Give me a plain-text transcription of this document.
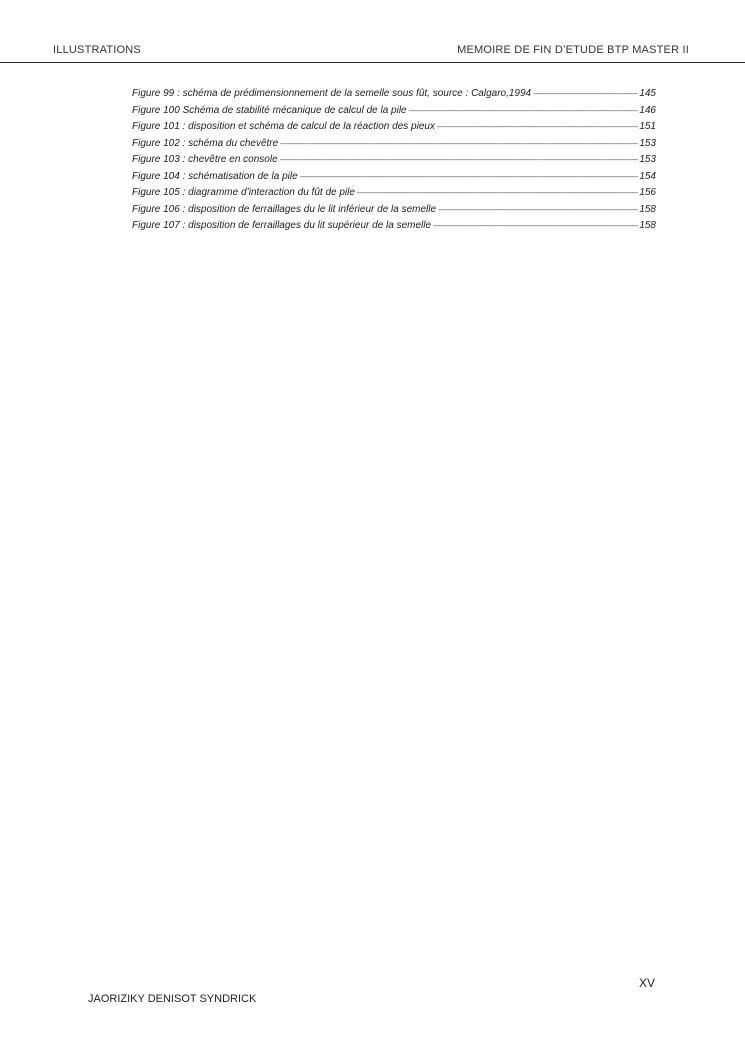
ILLUSTRATIONS	MEMOIRE DE FIN D’ETUDE BTP MASTER II
Figure 99 : schéma de prédimensionnement de la semelle sous fût, source : Calgaro,1994 -----	145
Figure 100 Schéma de stabilité mécanique de calcul de la pile -----	146
Figure 101 : disposition et schéma de calcul de la réaction des pieux -----	151
Figure 102 : schéma du chevêtre -----	153
Figure 103 : chevêtre en console -----	153
Figure 104 : schématisation de la pile -----	154
Figure 105 : diagramme d’interaction du fût de pile -----	156
Figure 106 : disposition de ferraillages du le lit inférieur de la semelle -----	158
Figure 107 : disposition de ferraillages du lit supérieur de la semelle -----	158
XV
JAORIZIKY DENISOT SYNDRICK
